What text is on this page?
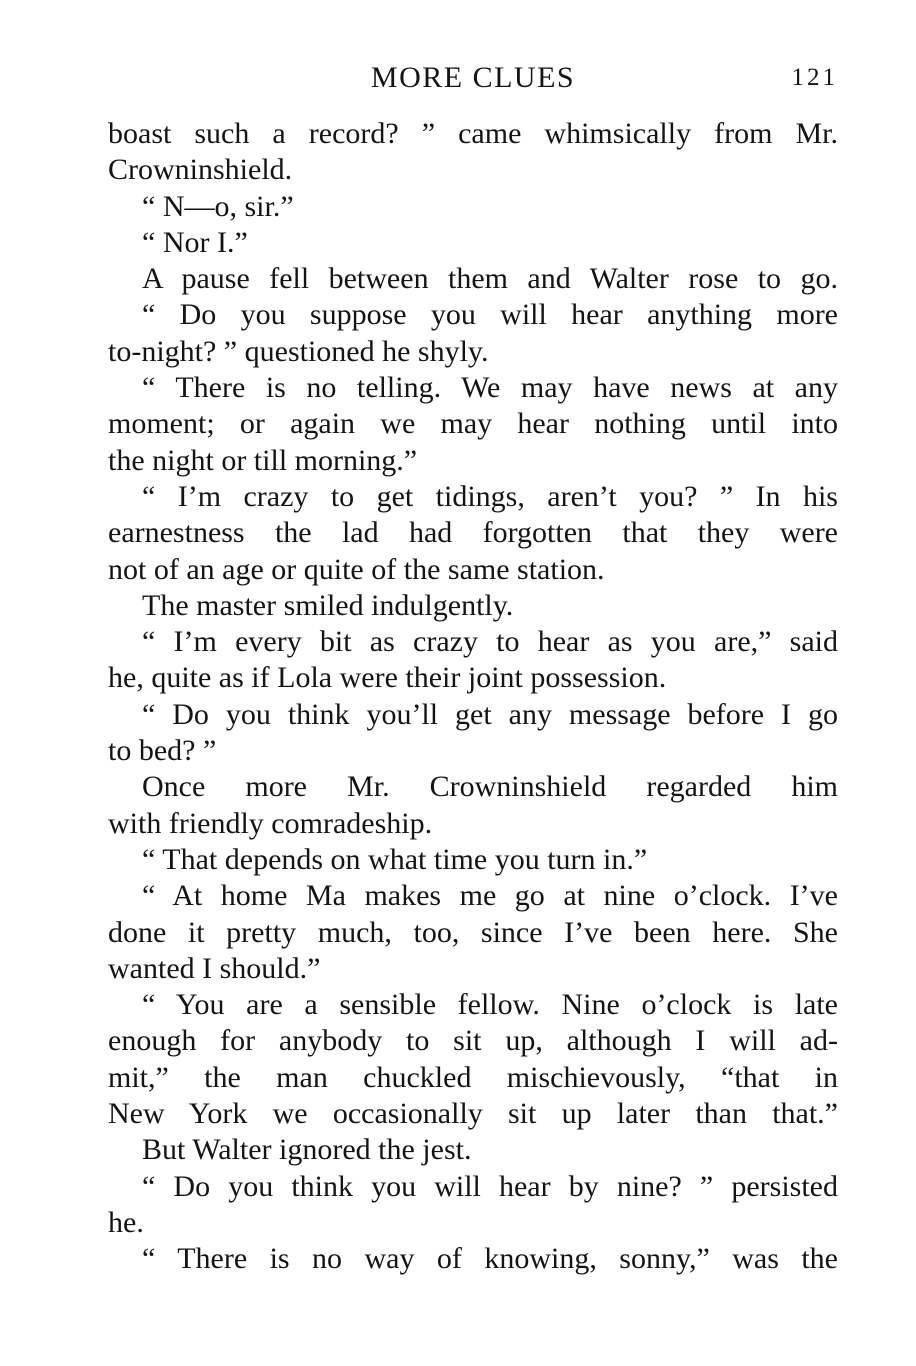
MORE CLUES	121
boast such a record? ” came whimsically from Mr.
Crowninshield.
“ N—o, sir.”
“ Nor I.”
A pause fell between them and Walter rose to go.
“ Do you suppose you will hear anything more
to-night? ” questioned he shyly.
“ There is no telling. We may have news at any
moment; or again we may hear nothing until into
the night or till morning.”
“ I’m crazy to get tidings, aren’t you? ” In his
earnestness the lad had forgotten that they were
not of an age or quite of the same station.
The master smiled indulgently.
“ I’m every bit as crazy to hear as you are,” said
he, quite as if Lola were their joint possession.
“ Do you think you’ll get any message before I go
to bed? ”
Once more Mr. Crowninshield regarded him
with friendly comradeship.
“ That depends on what time you turn in.”
“ At home Ma makes me go at nine o’clock. I’ve
done it pretty much, too, since I’ve been here. She
wanted I should.”
“ You are a sensible fellow. Nine o’clock is late
enough for anybody to sit up, although I will ad-
mit,” the man chuckled mischievously, “that in
New York we occasionally sit up later than that.”
But Walter ignored the jest.
“ Do you think you will hear by nine? ” persisted
he.
“ There is no way of knowing, sonny,” was the
